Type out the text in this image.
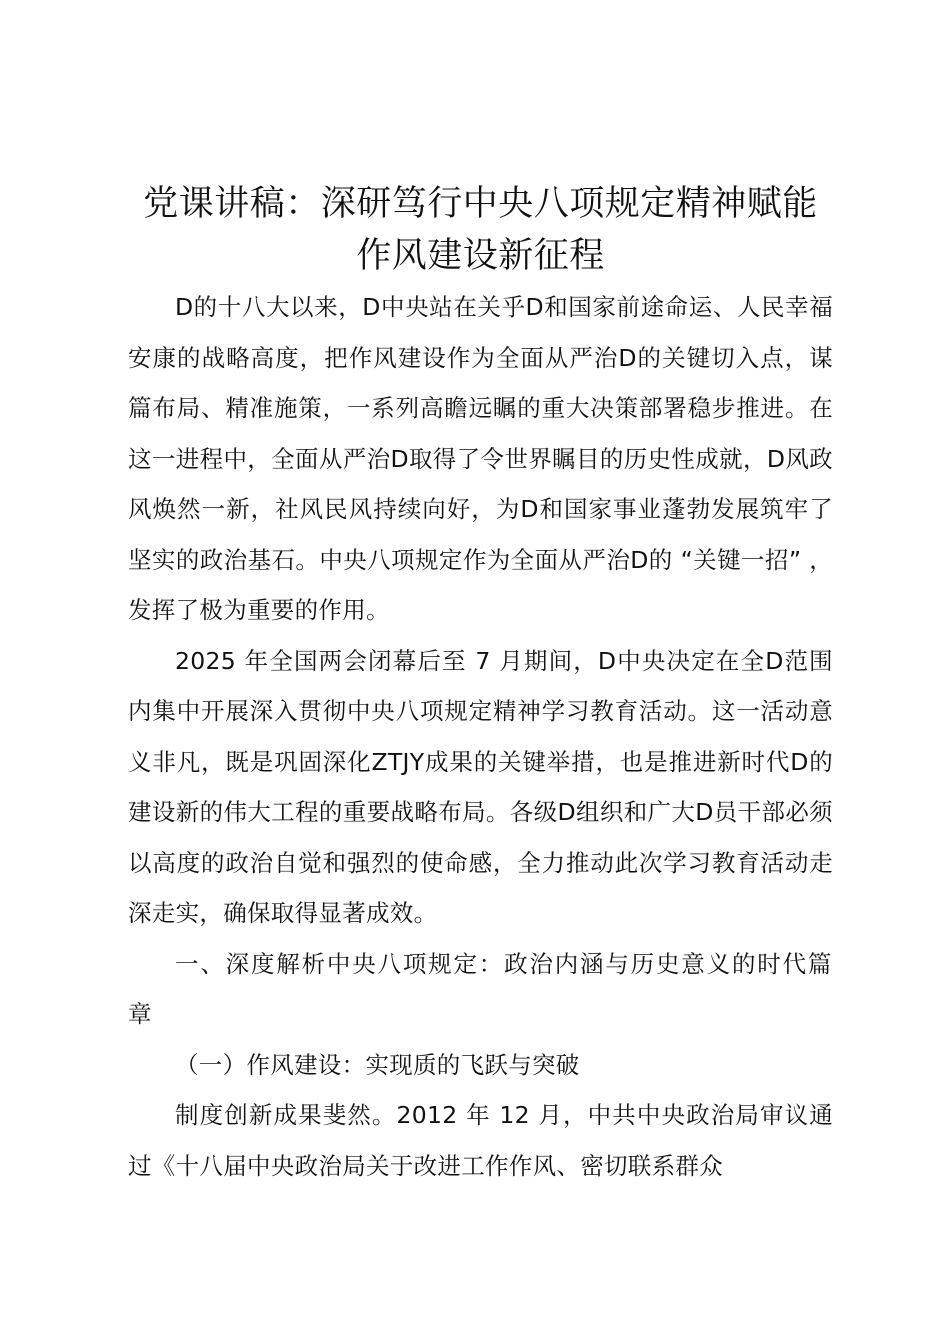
党课讲稿：深研笃行中央八项规定精神赋能作风建设新征程

D的十八大以来，D中央站在关乎D和国家前途命运、人民幸福安康的战略高度，把作风建设作为全面从严治D的关键切入点，谋篇布局、精准施策，一系列高瞻远瞩的重大决策部署稳步推进。在这一进程中，全面从严治D取得了令世界瞩目的历史性成就，D风政风焕然一新，社风民风持续向好，为D和国家事业蓬勃发展筑牢了坚实的政治基石。中央八项规定作为全面从严治D的 “关键一招” ，发挥了极为重要的作用。

2025 年全国两会闭幕后至 7 月期间，D中央决定在全D范围内集中开展深入贯彻中央八项规定精神学习教育活动。这一活动意义非凡，既是巩固深化ZTJY成果的关键举措，也是推进新时代D的建设新的伟大工程的重要战略布局。各级D组织和广大D员干部必须以高度的政治自觉和强烈的使命感，全力推动此次学习教育活动走深走实，确保取得显著成效。

一、深度解析中央八项规定：政治内涵与历史意义的时代篇章

（一）作风建设：实现质的飞跃与突破

制度创新成果斐然。2012 年 12 月，中共中央政治局审议通过《十八届中央政治局关于改进工作作风、密切联系群众
